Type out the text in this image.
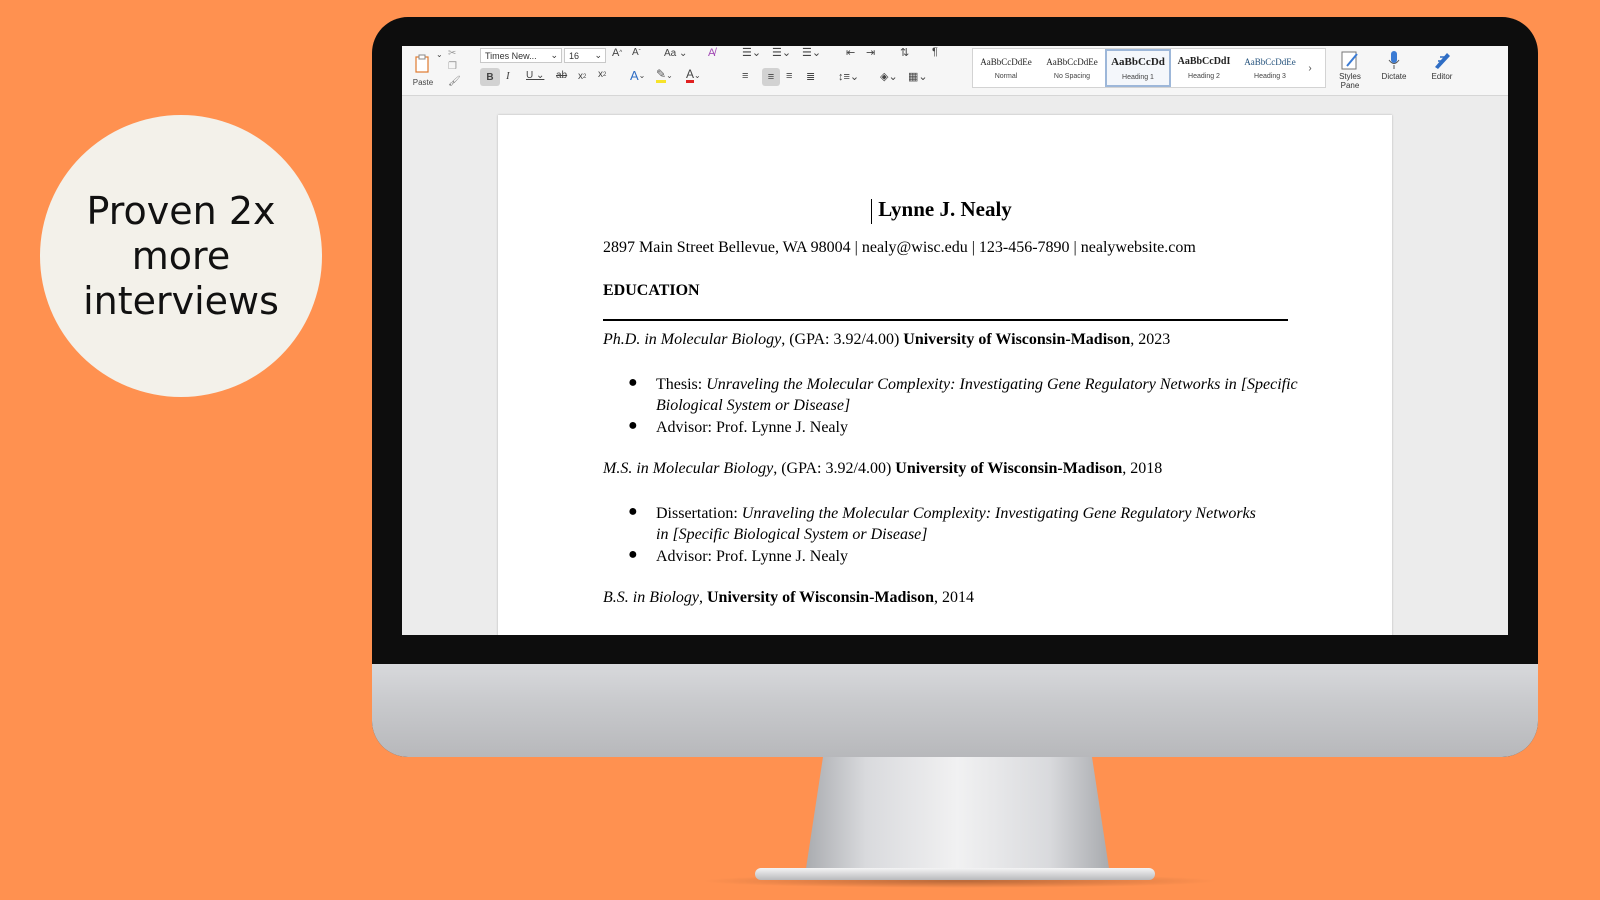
Proven 2x
more
interviews
Paste
⌄ ✂
❐
🖌
Times New... ⌄ 16 ⌄ A ^ A ˇ Aa ⌄ A̸
B	I U ⌄ ab x 2 x 2 A ⌄ ✎ ⌄ A ⌄
☰⌄ ☰⌄ ☰⌄ ⇤ ⇥ ⇅ ¶
≡	≡	≡ ≣ ↕≡⌄ ◈⌄ ▦⌄
AaBbCcDdEe
Normal
AaBbCcDdEe
No Spacing
AaBbCcDd
Heading 1
AaBbCcDdI
Heading 2
AaBbCcDdEe
Heading 3
›
Styles
Pane
Dictate	Editor
Lynne J. Nealy
2897 Main Street Bellevue, WA 98004 | nealy@wisc.edu | 123-456-7890 | nealywebsite.com
EDUCATION
Ph.D. in Molecular Biology, (GPA: 3.92/4.00) University of Wisconsin-Madison, 2023
● Thesis: Unraveling the Molecular Complexity: Investigating Gene Regulatory Networks in [Specific Biological System or Disease]
● Advisor: Prof. Lynne J. Nealy
M.S. in Molecular Biology, (GPA: 3.92/4.00) University of Wisconsin-Madison, 2018
● Dissertation: Unraveling the Molecular Complexity: Investigating Gene Regulatory Networks in [Specific Biological System or Disease]
● Advisor: Prof. Lynne J. Nealy
B.S. in Biology, University of Wisconsin-Madison, 2014
